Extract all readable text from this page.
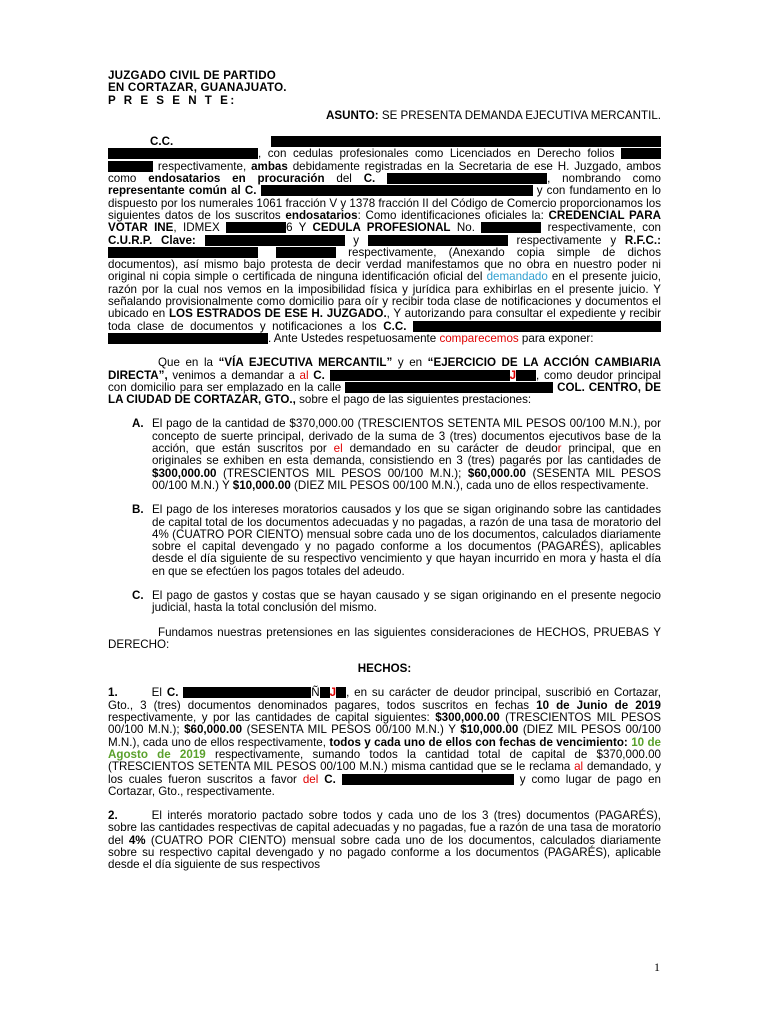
JUZGADO CIVIL DE PARTIDO
EN CORTAZAR, GUANAJUATO.
P R E S E N T E:
ASUNTO: SE PRESENTA DEMANDA EJECUTIVA MERCANTIL.

C.C. , con cedulas profesionales como Licenciados en Derecho folios   respectivamente, ambas debidamente registradas en la Secretaria de ese H. Juzgado, ambos como endosatarios en procuración del C.	, nombrando como representante común al C.	y con fundamento en lo dispuesto por los numerales 1061 fracción V y 1378 fracción II del Código de Comercio proporcionamos los siguientes datos de los suscritos endosatarios: Como identificaciones oficiales la: CREDENCIAL PARA VOTAR INE, IDMEX	6 Y CEDULA PROFESIONAL No.	respectivamente, con C.U.R.P. Clave:	y	respectivamente y R.F.C.:  respectivamente, (Anexando copia simple de dichos documentos), así mismo bajo protesta de decir verdad manifestamos que no obra en nuestro poder ni original ni copia simple o certificada de ninguna identificación oficial del demandado en el presente juicio, razón por la cual nos vemos en la imposibilidad física y jurídica para exhibirlas en el presente juicio. Y señalando provisionalmente como domicilio para oír y recibir toda clase de notificaciones y documentos el ubicado en LOS ESTRADOS DE ESE H. JUZGADO., Y autorizando para consultar el expediente y recibir toda clase de documentos y notificaciones a los C.C. . Ante Ustedes respetuosamente comparecemos para exponer:

Que en la “VÍA EJECUTIVA MERCANTIL” y en “EJERCICIO DE LA ACCIÓN CAMBIARIA DIRECTA”, venimos a demandar a al C.	J , como deudor principal con domicilio para ser emplazado en la calle	COL. CENTRO, DE LA CIUDAD DE CORTAZAR, GTO., sobre el pago de las siguientes prestaciones:

A. El pago de la cantidad de $370,000.00 (TRESCIENTOS SETENTA MIL PESOS 00/100 M.N.), por concepto de suerte principal, derivado de la suma de 3 (tres) documentos ejecutivos base de la acción, que están suscritos por el demandado en su carácter de deudor principal, que en originales se exhiben en esta demanda, consistiendo en 3 (tres) pagarés por las cantidades de $300,000.00 (TRESCIENTOS MIL PESOS 00/100 M.N.); $60,000.00 (SESENTA MIL PESOS 00/100 M.N.) Y $10,000.00 (DIEZ MIL PESOS 00/100 M.N.), cada uno de ellos respectivamente.
B. El pago de los intereses moratorios causados y los que se sigan originando sobre las cantidades de capital total de los documentos adecuadas y no pagadas, a razón de una tasa de moratorio del 4% (CUATRO POR CIENTO) mensual sobre cada uno de los documentos, calculados diariamente sobre el capital devengado y no pagado conforme a los documentos (PAGARÉS), aplicables desde el día siguiente de su respectivo vencimiento y que hayan incurrido en mora y hasta el día en que se efectúen los pagos totales del adeudo.
C. El pago de gastos y costas que se hayan causado y se sigan originando en el presente negocio judicial, hasta la total conclusión del mismo.

Fundamos nuestras pretensiones en las siguientes consideraciones de HECHOS, PRUEBAS Y DERECHO:

HECHOS:

1.	El C.	Ñ J , en su carácter de deudor principal, suscribió en Cortazar, Gto., 3 (tres) documentos denominados pagares, todos suscritos en fechas 10 de Junio de 2019 respectivamente, y por las cantidades de capital siguientes: $300,000.00 (TRESCIENTOS MIL PESOS 00/100 M.N.); $60,000.00 (SESENTA MIL PESOS 00/100 M.N.) Y $10,000.00 (DIEZ MIL PESOS 00/100 M.N.), cada uno de ellos respectivamente, todos y cada uno de ellos con fechas de vencimiento: 10 de Agosto de 2019 respectivamente, sumando todos la cantidad total de capital de $370,000.00 (TRESCIENTOS SETENTA MIL PESOS 00/100 M.N.) misma cantidad que se le reclama al demandado, y los cuales fueron suscritos a favor del C.	y como lugar de pago en Cortazar, Gto., respectivamente.

2.	El interés moratorio pactado sobre todos y cada uno de los 3 (tres) documentos (PAGARÉS), sobre las cantidades respectivas de capital adecuadas y no pagadas, fue a razón de una tasa de moratorio del 4% (CUATRO POR CIENTO) mensual sobre cada uno de los documentos, calculados diariamente sobre su respectivo capital devengado y no pagado conforme a los documentos (PAGARÉS), aplicable desde el día siguiente de sus respectivos

1
